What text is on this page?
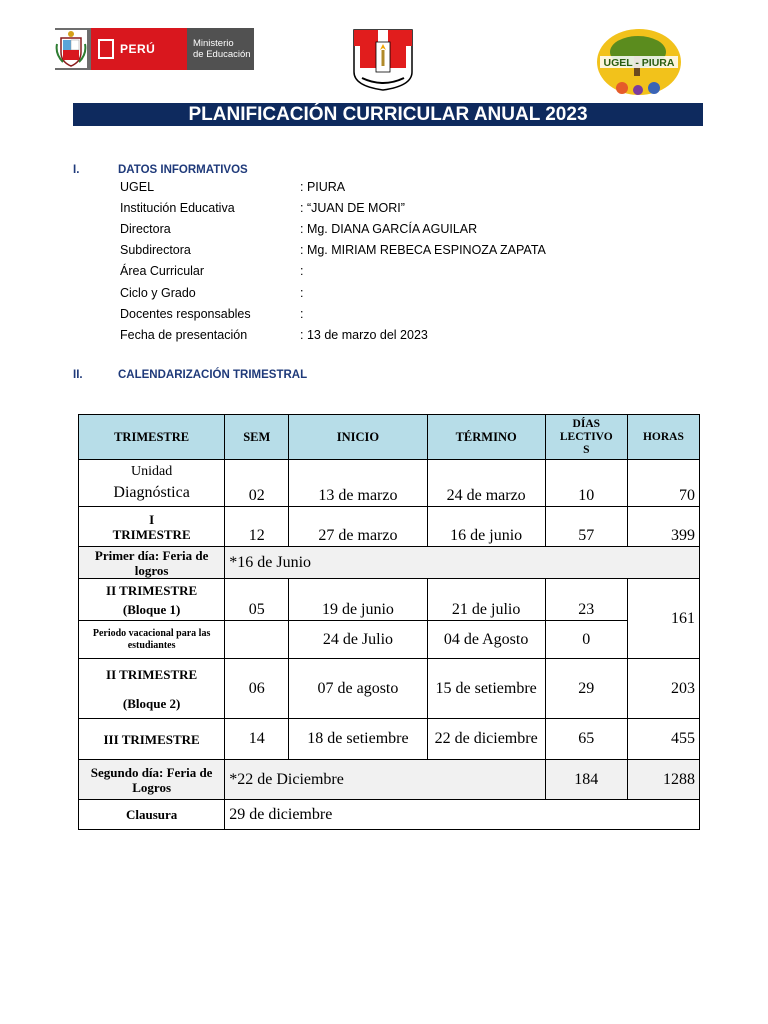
PERÚ	Ministerio
de Educación
UGEL - PIURA
PLANIFICACIÓN CURRICULAR ANUAL 2023
I.	DATOS INFORMATIVOS
UGEL	: PIURA
Institución Educativa	: “JUAN DE MORI”
Directora	: Mg. DIANA GARCÍA AGUILAR
Subdirectora	: Mg. MIRIAM REBECA ESPINOZA ZAPATA
Área Curricular	:
Ciclo y Grado	:
Docentes responsables	:
Fecha de presentación	: 13 de marzo del 2023
II.	CALENDARIZACIÓN TRIMESTRAL
TRIMESTRE	SEM	INICIO	TÉRMINO	DÍAS
LECTIVO
S	HORAS

Unidad
Diagnóstica	02	13 de marzo	24 de marzo	10	70

I
TRIMESTRE	12	27 de marzo	16 de junio	57	399
Primer día: Feria de logros	*16 de Junio				

II TRIMESTRE
(Bloque 1)	05	19 de junio	21 de julio	23	161
Periodo vacacional para las estudiantes		24 de Julio	04 de Agosto	0	

II TRIMESTRE
(Bloque 2)	06	07 de agosto	15 de setiembre	29	203
III TRIMESTRE	14	18 de setiembre	22 de diciembre	65	455
Segundo día: Feria de Logros	*22 de Diciembre			184	1288
Clausura	29 de diciembre				
